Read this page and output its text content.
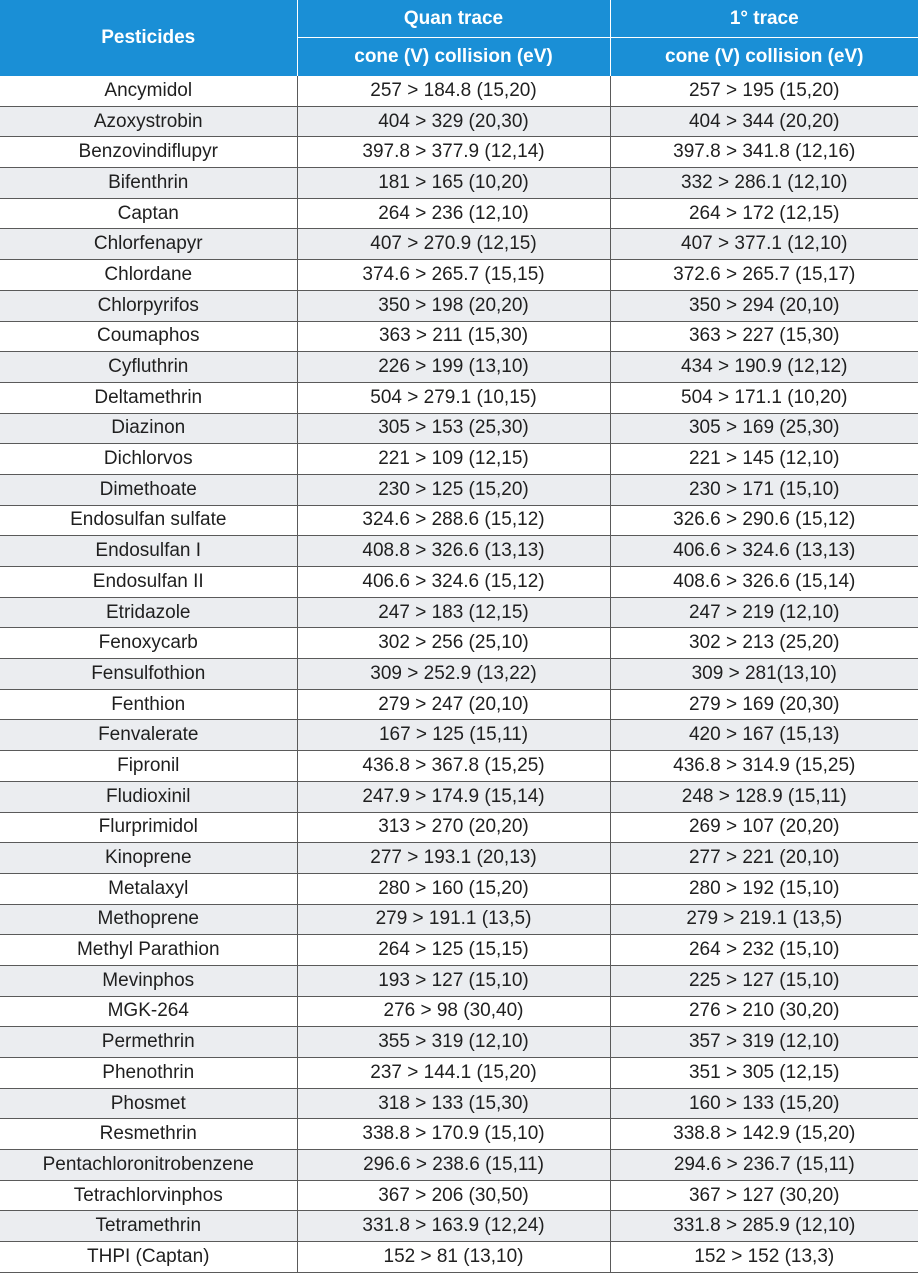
Pesticides	Quan trace	1° trace
	cone (V) collision (eV)	cone (V) collision (eV)
Ancymidol	257 > 184.8 (15,20)	257 > 195 (15,20)
Azoxystrobin	404 > 329 (20,30)	404 > 344 (20,20)
Benzovindiflupyr	397.8 > 377.9 (12,14)	397.8 > 341.8 (12,16)
Bifenthrin	181 > 165 (10,20)	332 > 286.1 (12,10)
Captan	264 > 236 (12,10)	264 > 172 (12,15)
Chlorfenapyr	407 > 270.9 (12,15)	407 > 377.1 (12,10)
Chlordane	374.6 > 265.7 (15,15)	372.6 > 265.7 (15,17)
Chlorpyrifos	350 > 198 (20,20)	350 > 294 (20,10)
Coumaphos	363 > 211 (15,30)	363 > 227 (15,30)
Cyfluthrin	226 > 199 (13,10)	434 > 190.9 (12,12)
Deltamethrin	504 > 279.1 (10,15)	504 > 171.1 (10,20)
Diazinon	305 > 153 (25,30)	305 > 169 (25,30)
Dichlorvos	221 > 109 (12,15)	221 > 145 (12,10)
Dimethoate	230 > 125 (15,20)	230 > 171 (15,10)
Endosulfan sulfate	324.6 > 288.6 (15,12)	326.6 > 290.6 (15,12)
Endosulfan I	408.8 > 326.6 (13,13)	406.6 > 324.6 (13,13)
Endosulfan II	406.6 > 324.6 (15,12)	408.6 > 326.6 (15,14)
Etridazole	247 > 183 (12,15)	247 > 219 (12,10)
Fenoxycarb	302 > 256 (25,10)	302 > 213 (25,20)
Fensulfothion	309 > 252.9 (13,22)	309 > 281(13,10)
Fenthion	279 > 247 (20,10)	279 > 169 (20,30)
Fenvalerate	167 > 125 (15,11)	420 > 167 (15,13)
Fipronil	436.8 > 367.8 (15,25)	436.8 > 314.9 (15,25)
Fludioxinil	247.9 > 174.9 (15,14)	248 > 128.9 (15,11)
Flurprimidol	313 > 270 (20,20)	269 > 107 (20,20)
Kinoprene	277 > 193.1 (20,13)	277 > 221 (20,10)
Metalaxyl	280 > 160 (15,20)	280 > 192 (15,10)
Methoprene	279 > 191.1 (13,5)	279 > 219.1 (13,5)
Methyl Parathion	264 > 125 (15,15)	264 > 232 (15,10)
Mevinphos	193 > 127 (15,10)	225 > 127 (15,10)
MGK-264	276 > 98 (30,40)	276 > 210 (30,20)
Permethrin	355 > 319 (12,10)	357 > 319 (12,10)
Phenothrin	237 > 144.1 (15,20)	351 > 305 (12,15)
Phosmet	318 > 133 (15,30)	160 > 133 (15,20)
Resmethrin	338.8 > 170.9 (15,10)	338.8 > 142.9 (15,20)
Pentachloronitrobenzene	296.6 > 238.6 (15,11)	294.6 > 236.7 (15,11)
Tetrachlorvinphos	367 > 206 (30,50)	367 > 127 (30,20)
Tetramethrin	331.8 > 163.9 (12,24)	331.8 > 285.9 (12,10)
THPI (Captan)	152 > 81 (13,10)	152 > 152 (13,3)
